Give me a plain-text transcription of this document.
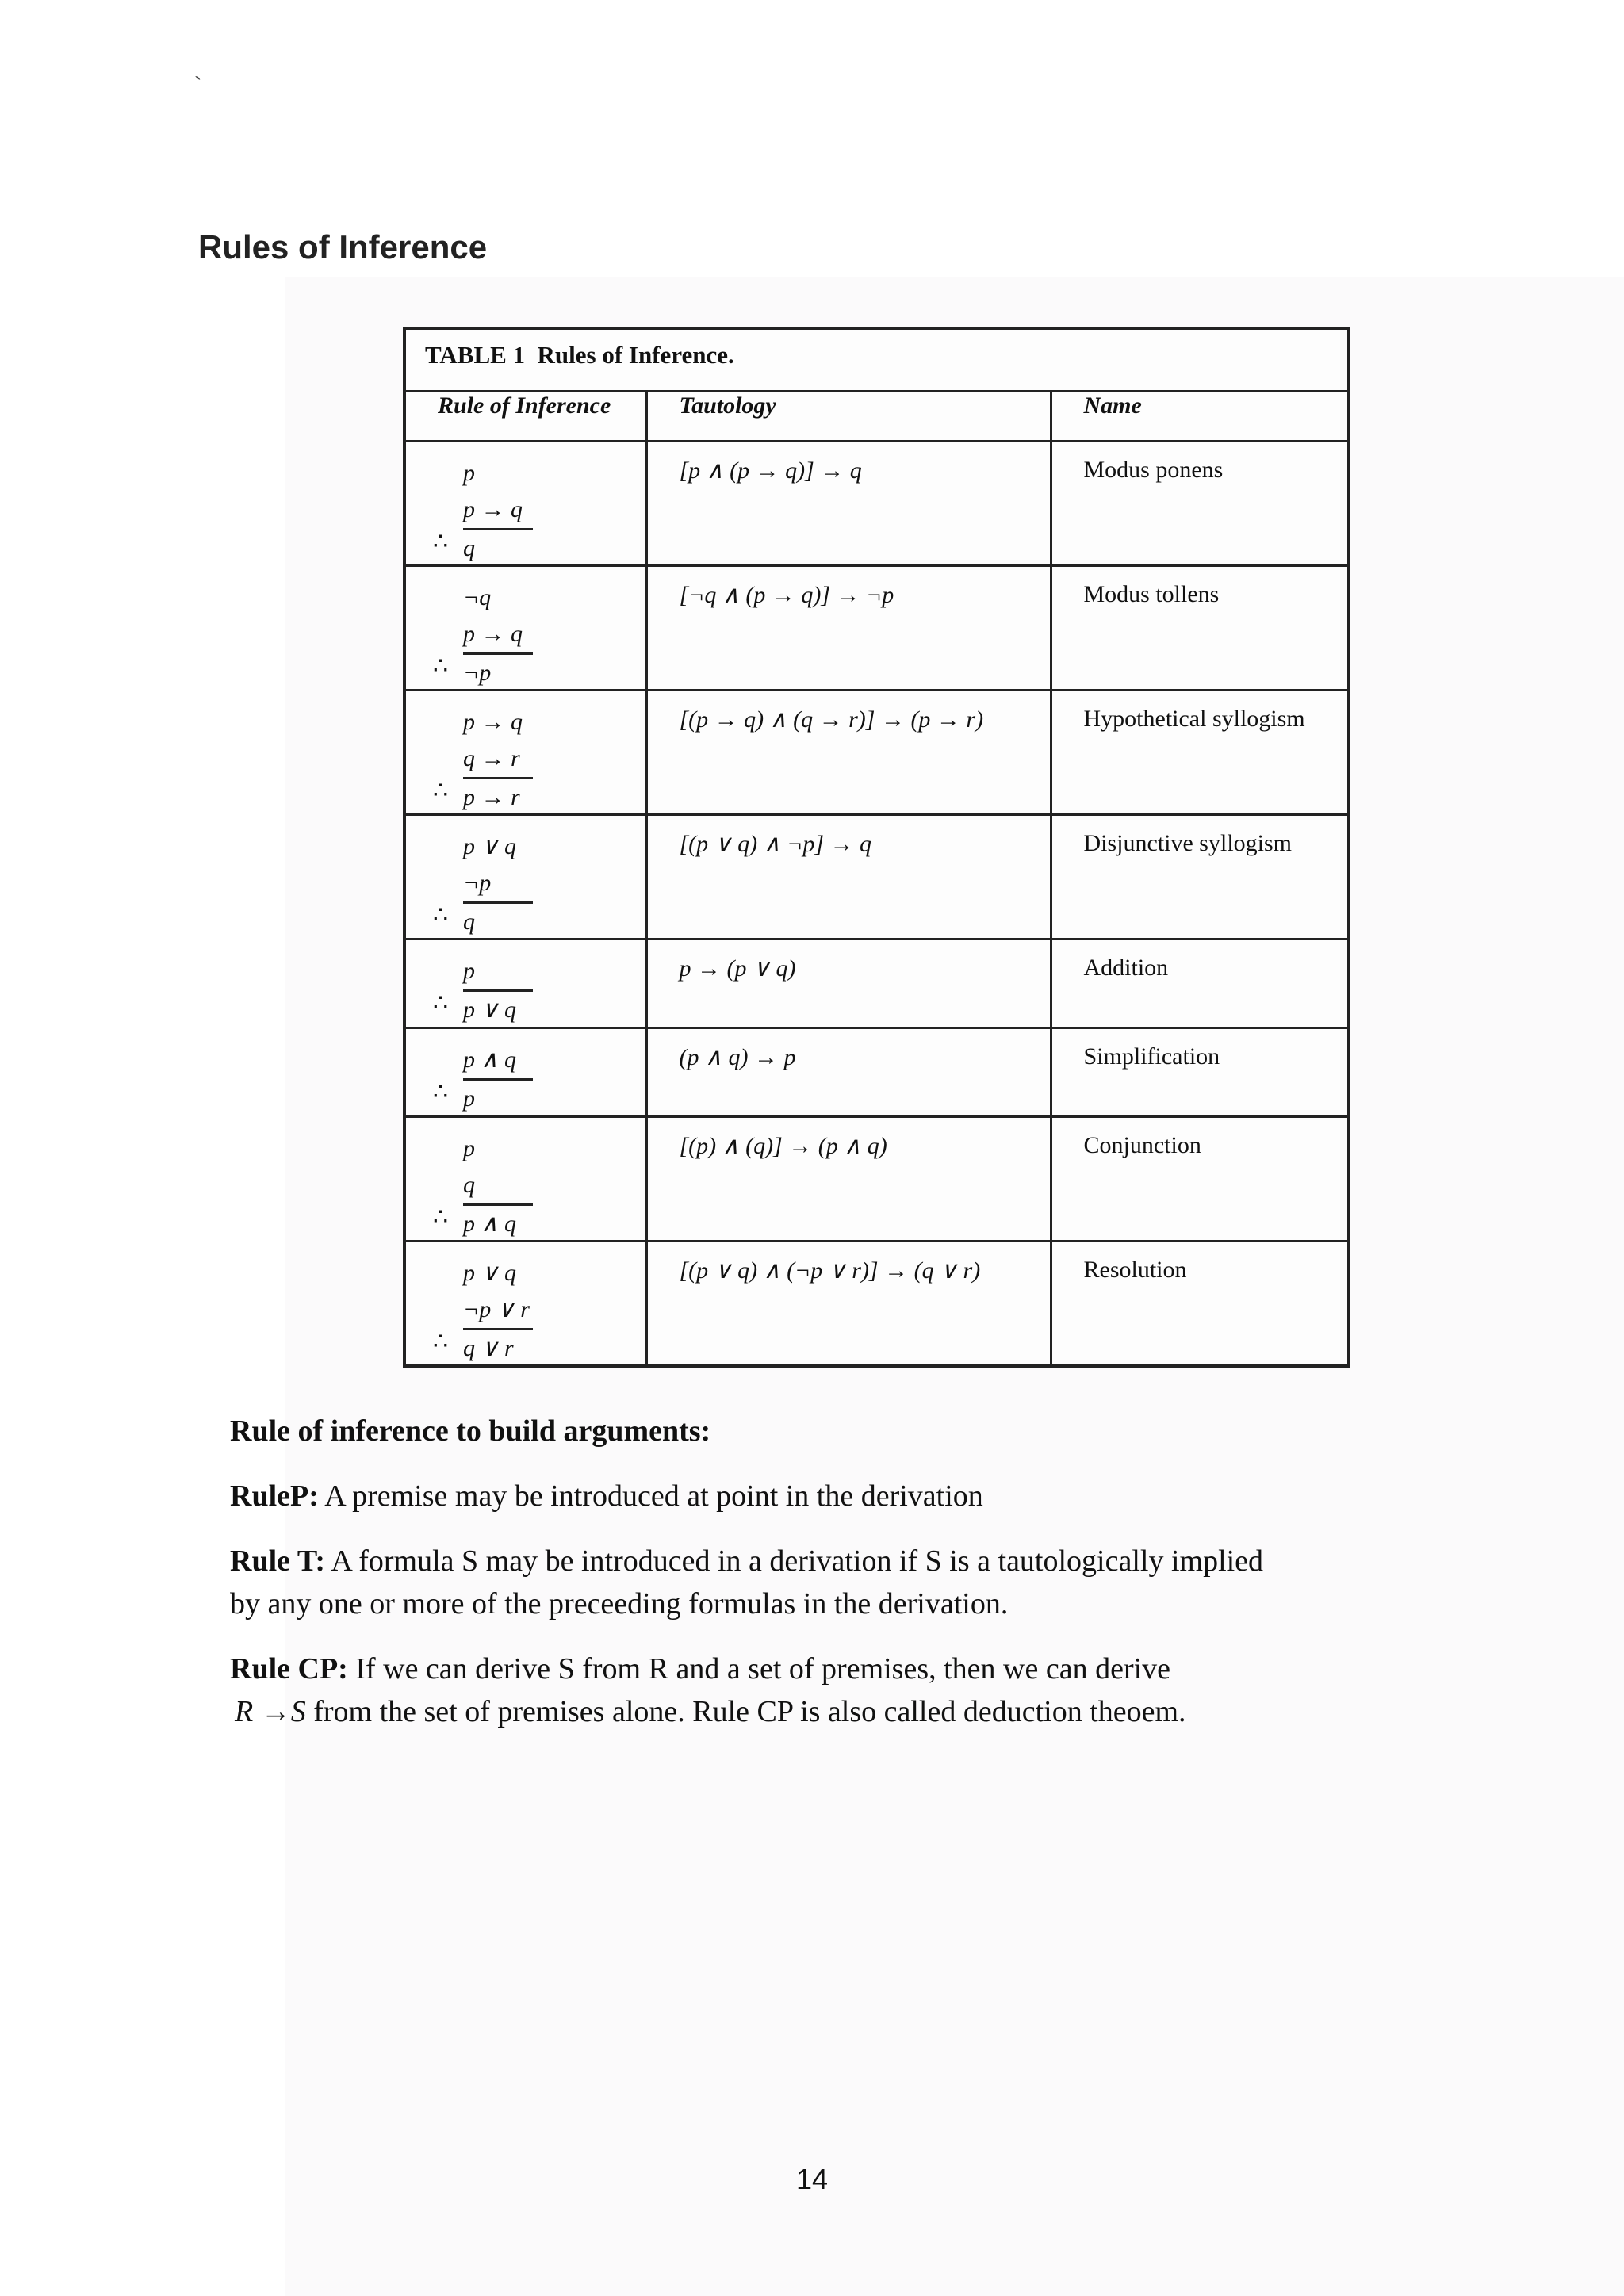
`
Rules of Inference
TABLE 1 Rules of Inference.		
Rule of Inference	Tautology	Name

p
p → q
q
∴	[p ∧ (p → q)] → q	Modus ponens

¬q
p → q
¬p
∴	[¬q ∧ (p → q)] → ¬p	Modus tollens

p → q
q → r
p → r
∴	[(p → q) ∧ (q → r)] → (p → r)	Hypothetical syllogism

p ∨ q
¬p
q
∴	[(p ∨ q) ∧ ¬p] → q	Disjunctive syllogism

p
p ∨ q
∴	p → (p ∨ q)	Addition

p ∧ q
p
∴	(p ∧ q) → p	Simplification

p
q
p ∧ q
∴	[(p) ∧ (q)] → (p ∧ q)	Conjunction

p ∨ q
¬p ∨ r
q ∨ r
∴	[(p ∨ q) ∧ (¬p ∨ r)] → (q ∨ r)	Resolution
Rule of inference to build arguments:
RuleP: A premise may be introduced at point in the derivation
Rule T: A formula S may be introduced in a derivation if S is a tautologically implied by any one or more of the preceeding formulas in the derivation.
Rule CP: If we can derive S from R and a set of premises, then we can derive
R →S from the set of premises alone. Rule CP is also called deduction theoem.
14
